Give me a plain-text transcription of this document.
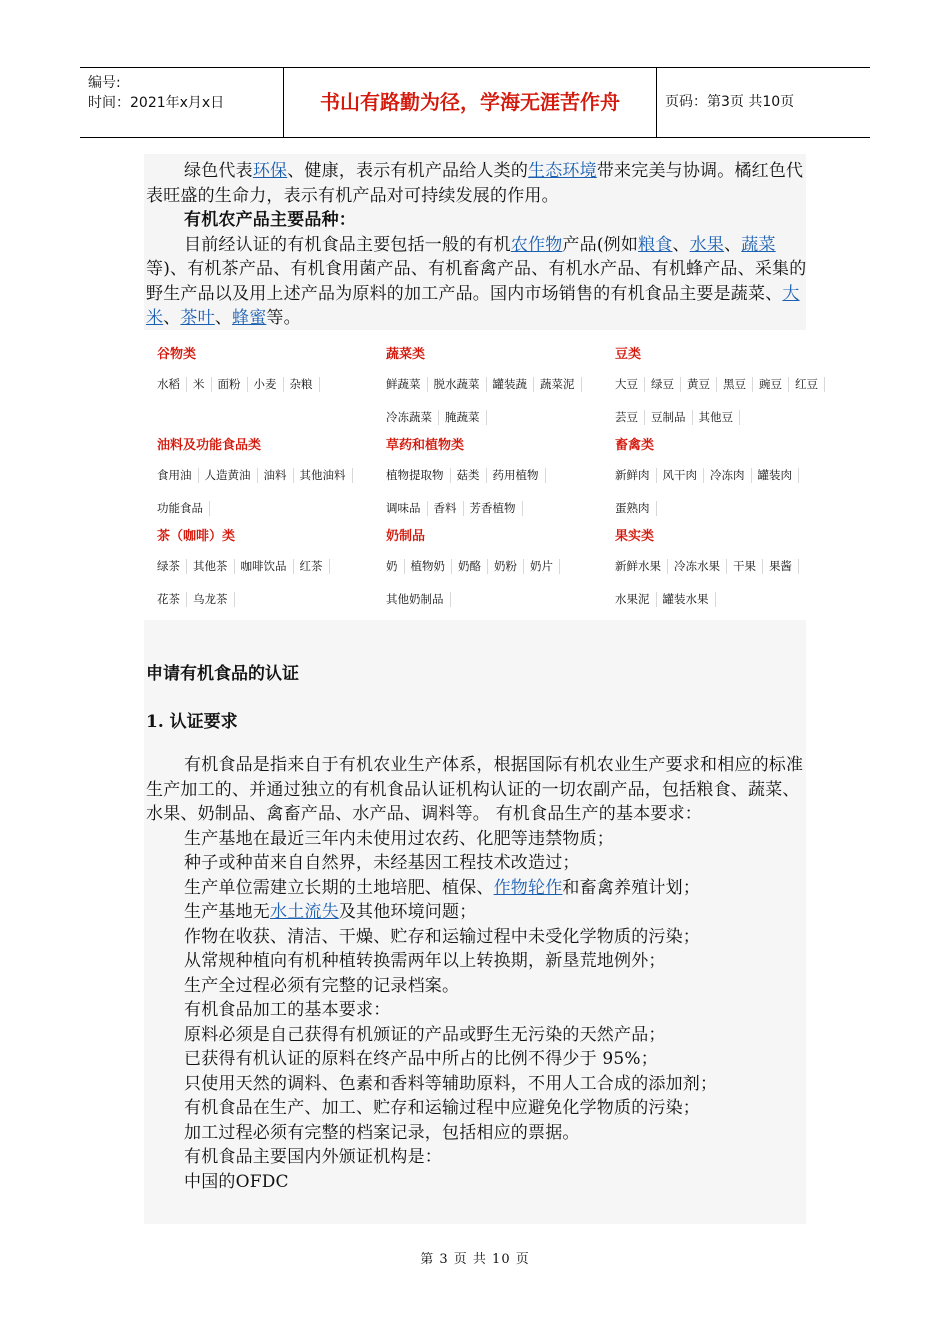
编号:
时间：2021年x月x日	书山有路勤为径，学海无涯苦作舟	页码：第3页 共10页

绿色代表环保、健康，表示有机产品给人类的生态环境带来完美与协调。橘红色代表旺盛的生命力，表示有机产品对可持续发展的作用。

有机农产品主要品种：

目前经认证的有机食品主要包括一般的有机农作物产品(例如粮食、水果、蔬菜等)、有机茶产品、有机食用菌产品、有机畜禽产品、有机水产品、有机蜂产品、采集的野生产品以及用上述产品为原料的加工产品。国内市场销售的有机食品主要是蔬菜、大米、茶叶、蜂蜜等。

谷物类
水稻 米 面粉 小麦 杂粮
蔬菜类
鲜蔬菜 脱水蔬菜 罐装蔬 蔬菜泥
冷冻蔬菜 腌蔬菜
豆类
大豆 绿豆 黄豆 黑豆 豌豆 红豆
芸豆 豆制品 其他豆
油料及功能食品类
食用油 人造黄油 油料 其他油料
功能食品
草药和植物类
植物提取物 菇类 药用植物
调味品 香料 芳香植物
畜禽类
新鲜肉 风干肉 冷冻肉 罐装肉
蛋熟肉
茶（咖啡）类
绿茶 其他茶 咖啡饮品 红茶
花茶 乌龙茶
奶制品
奶 植物奶 奶酪 奶粉 奶片
其他奶制品
果实类
新鲜水果 冷冻水果 干果 果酱
水果泥 罐装水果
申请有机食品的认证
1. 认证要求

有机食品是指来自于有机农业生产体系，根据国际有机农业生产要求和相应的标准生产加工的、并通过独立的有机食品认证机构认证的一切农副产品，包括粮食、蔬菜、水果、奶制品、禽畜产品、水产品、调料等。 有机食品生产的基本要求：

生产基地在最近三年内未使用过农药、化肥等违禁物质；

种子或种苗来自自然界，未经基因工程技术改造过；

生产单位需建立长期的土地培肥、植保、作物轮作和畜禽养殖计划；

生产基地无水土流失及其他环境问题；

作物在收获、清洁、干燥、贮存和运输过程中未受化学物质的污染；

从常规种植向有机种植转换需两年以上转换期，新垦荒地例外；

生产全过程必须有完整的记录档案。

有机食品加工的基本要求：

原料必须是自己获得有机颁证的产品或野生无污染的天然产品；

已获得有机认证的原料在终产品中所占的比例不得少于 95%；

只使用天然的调料、色素和香料等辅助原料，不用人工合成的添加剂；

有机食品在生产、加工、贮存和运输过程中应避免化学物质的污染；

加工过程必须有完整的档案记录，包括相应的票据。

有机食品主要国内外颁证机构是：

中国的OFDC

第 3 页 共 10 页
